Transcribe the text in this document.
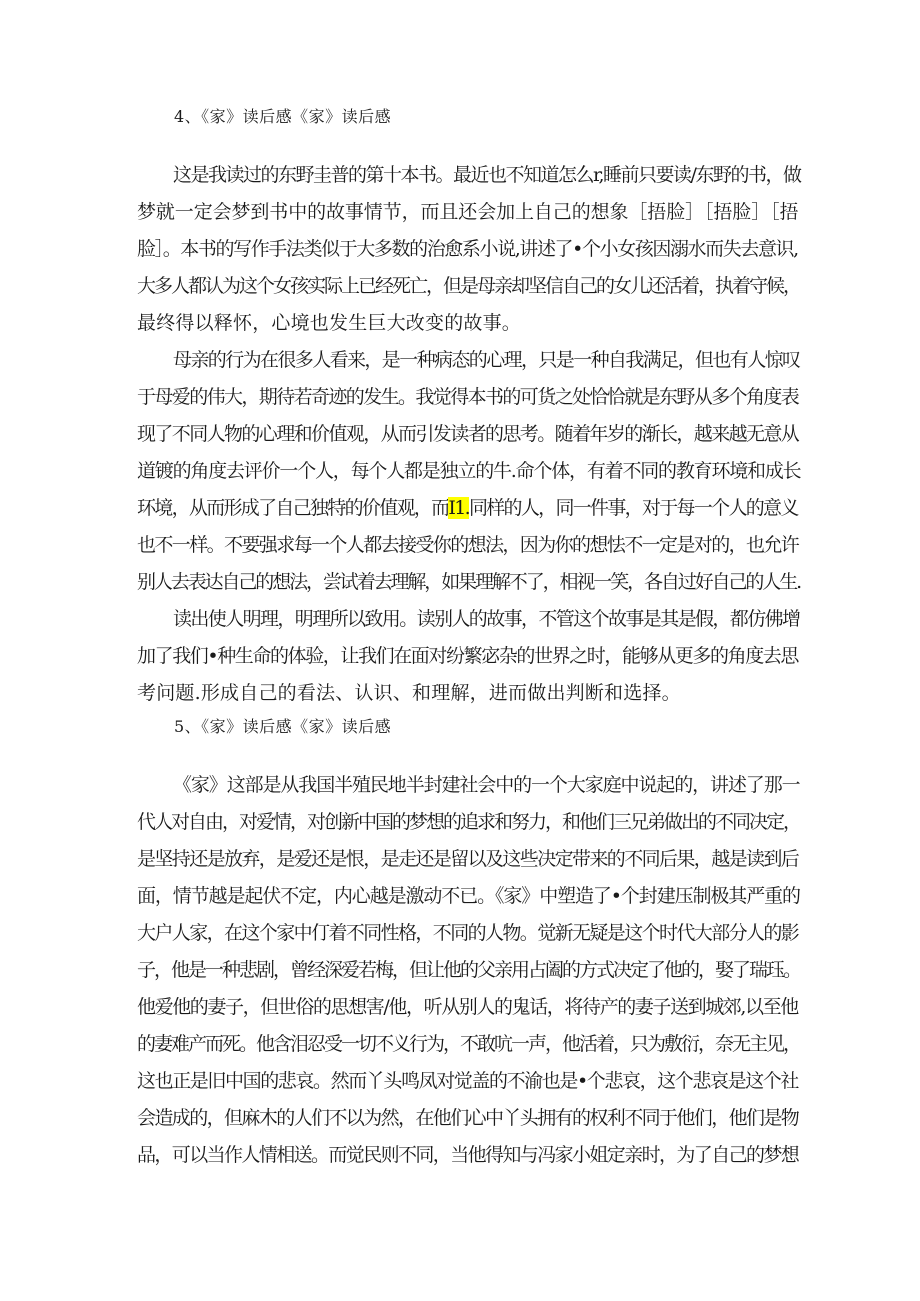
4、《家》读后感《家》读后感
这是我读过的东野圭普的第十本书。最近也不知道怎么r,睡前只要读/东野的书，做
梦就一定会梦到书中的故事情节，而且还会加上自己的想象［捂脸］［捂脸］［捂
脸］。本书的写作手法类似于大多数的治愈系小说,讲述了•个小女孩因溺水而失去意识,
大多人都认为这个女孩实际上已经死亡，但是母亲却坚信自己的女儿还活着，执着守候，
最终得以释怀，心境也发生巨大改变的故事。
母亲的行为在很多人看来，是一种病态的心理，只是一种自我满足，但也有人惊叹
于母爱的伟大，期待若奇迹的发生。我觉得本书的可货之处恰恰就是东野从多个角度表
现了不同人物的心理和价值观，从而引发读者的思考。随着年岁的渐长，越来越无意从
道镀的角度去评价一个人，每个人都是独立的牛.命个体，有着不同的教育环境和成长
环境，从而形成了自己独特的价值观，而I1.同样的人，同一件事，对于每一个人的意义
也不一样。不要强求每一个人都去接受你的想法，因为你的想怯不一定是对的，也允许
别人去表达自己的想法，尝试着去理解，如果理解不了，相视一笑，各自过好自己的人生.
读出使人明理，明理所以致用。读别人的故事，不管这个故事是其是假，都仿佛增
加了我们•种生命的体验，让我们在面对纷繁宓杂的世界之时，能够从更多的角度去思
考问题.形成自己的看法、认识、和理解，进而做出判断和选择。
5、《家》读后感《家》读后感
《家》这部是从我国半殖民地半封建社会中的一个大家庭中说起的，讲述了那一
代人对自由，对爱情，对创新中国的梦想的追求和努力，和他们三兄弟做出的不同决定，
是坚持还是放弃，是爱还是恨，是走还是留以及这些决定带来的不同后果，越是读到后
面，情节越是起伏不定，内心越是激动不已。《家》中塑造了•个封建压制极其严重的
大户人家，在这个家中仃着不同性格，不同的人物。觉新无疑是这个时代大部分人的影
子，他是一种悲剧，曾经深爱若梅，但让他的父亲用占阖的方式决定了他的，娶了瑞珏。
他爱他的妻子，但世俗的思想害/他，听从别人的鬼话，将待产的妻子送到城郊,以至他
的妻难产而死。他含泪忍受一切不义行为，不敢吭一声，他活着，只为敷衍，奈无主见，
这也正是旧中国的悲哀。然而丫头鸣凤对觉盖的不渝也是•个悲哀，这个悲哀是这个社
会造成的，但麻木的人们不以为然，在他们心中丫头拥有的权利不同于他们，他们是物
品，可以当作人情相送。而觉民则不同，当他得知与冯家小姐定亲时，为了自己的梦想
